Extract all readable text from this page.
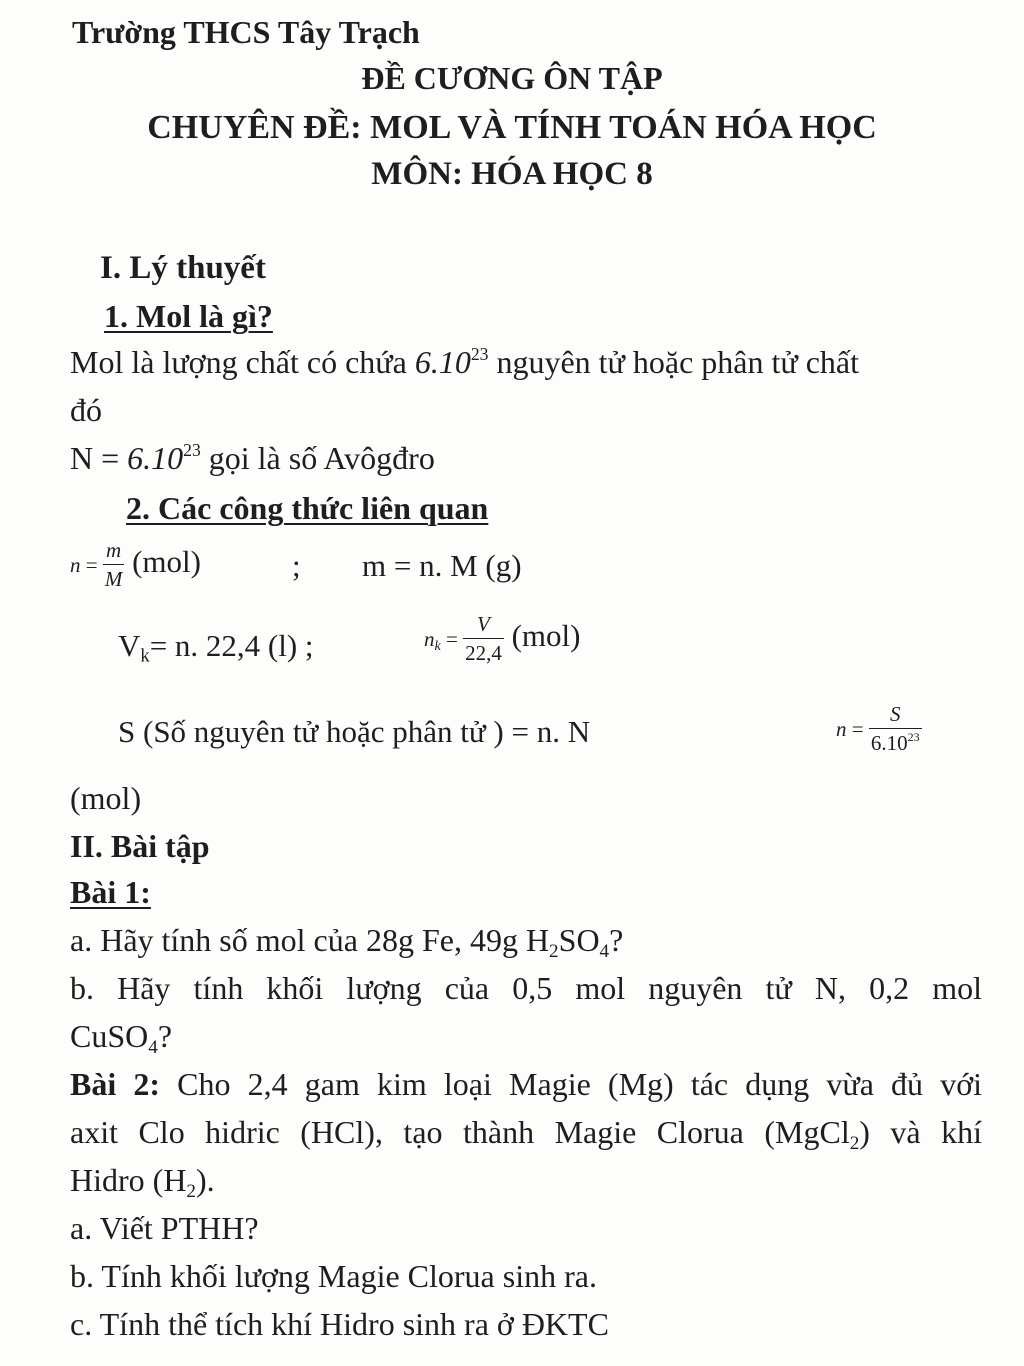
Trường THCS Tây Trạch
ĐỀ CƯƠNG ÔN TẬP
CHUYÊN ĐỀ: MOL VÀ TÍNH TOÁN HÓA HỌC
MÔN: HÓA HỌC 8
I. Lý thuyết
1. Mol là gì?
Mol là lượng chất có chứa 6.10$^{23}$ nguyên tử hoặc phân tử chất
đó
$N = 6.10^{23}$ gọi là số Avôgđro
2. Các công thức liên quan
$n = \frac{m}{M} (mol)$	; m = n. M (g)
$V_k= n$. 22,4 (l) ;	$n_k = \frac{V}{22,4} (mol)$
S (Số nguyên tử hoặc phân tử ) = n. N	$n = \frac{S}{6.10^{23}}$
(mol)
II. Bài tập
Bài 1:
a. Hãy tính số mol của 28g Fe, 49g $H_2SO_4$?
b. Hãy tính khối lượng của 0,5 mol nguyên tử N, 0,2 mol
CuSO$_4$?
Bài 2: Cho 2,4 gam kim loại Magie (Mg) tác dụng vừa đủ với
axit Clo hidric (HCl), tạo thành Magie Clorua (MgCl$_2$) và khí
Hidro $(H_2)$.
a. Viết PTHH?
b. Tính khối lượng Magie Clorua sinh ra.
c. Tính thể tích khí Hidro sinh ra ở ĐKTC
